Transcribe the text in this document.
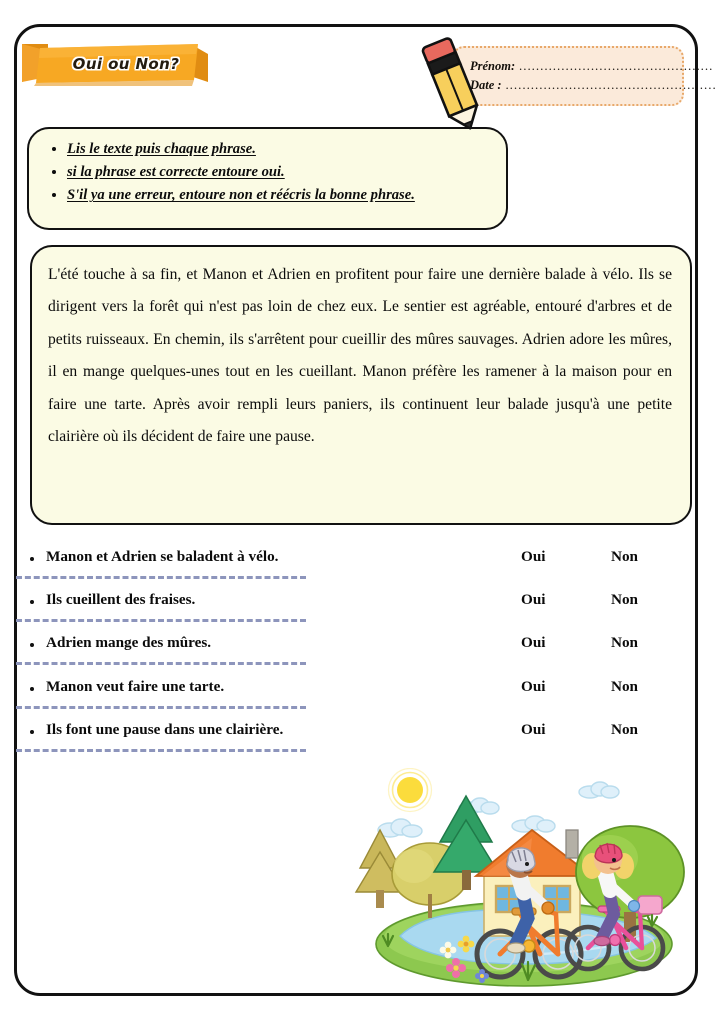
Oui ou Non?	Prénom: ..............................................
Date : ..................................................
• Lis le texte puis chaque phrase.
• si la phrase est correcte entoure oui.
• S'il ya une erreur, entoure non et réécris la bonne phrase.

L'été touche à sa fin, et Manon et Adrien en profitent pour faire une dernière balade à vélo. Ils se dirigent vers la forêt qui n'est pas loin de chez eux. Le sentier est agréable, entouré d'arbres et de petits ruisseaux. En chemin, ils s'arrêtent pour cueillir des mûres sauvages. Adrien adore les mûres, il en mange quelques-unes tout en les cueillant. Manon préfère les ramener à la maison pour en faire une tarte. Après avoir rempli leurs paniers, ils continuent leur balade jusqu'à une petite clairière où ils décident de faire une pause.

Manon et Adrien se baladent à vélo.	Oui	Non
Ils cueillent des fraises.	Oui	Non
Adrien mange des mûres.	Oui	Non
Manon veut faire une tarte.	Oui	Non
Ils font une pause dans une clairière.	Oui	Non
